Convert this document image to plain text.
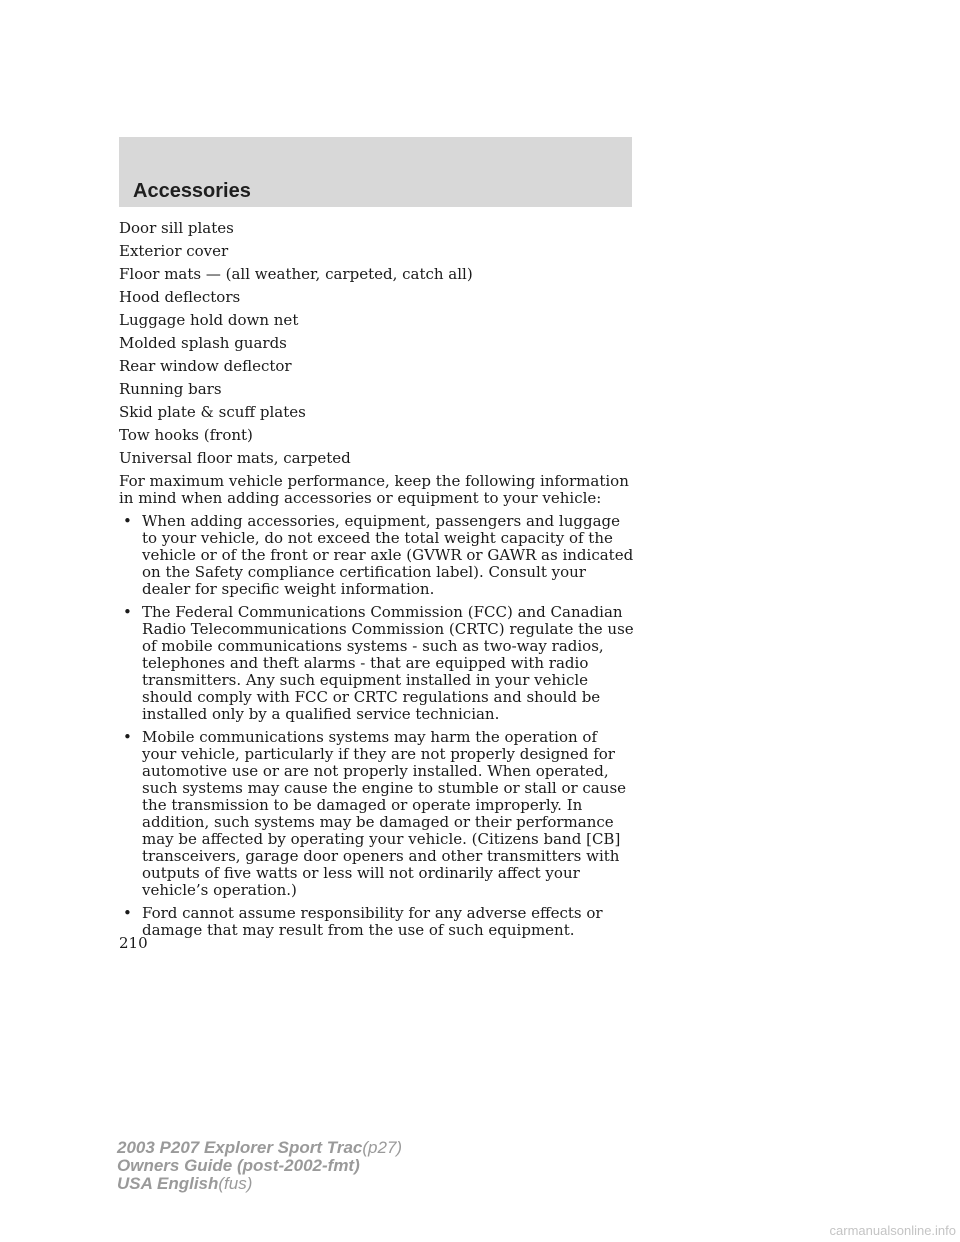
Accessories
Door sill plates
Exterior cover
Floor mats — (all weather, carpeted, catch all)
Hood deflectors
Luggage hold down net
Molded splash guards
Rear window deflector
Running bars
Skid plate & scuff plates
Tow hooks (front)
Universal floor mats, carpeted
For maximum vehicle performance, keep the following information in mind when adding accessories or equipment to your vehicle:
• When adding accessories, equipment, passengers and luggage to your vehicle, do not exceed the total weight capacity of the vehicle or of the front or rear axle (GVWR or GAWR as indicated on the Safety compliance certification label). Consult your dealer for specific weight information.
• The Federal Communications Commission (FCC) and Canadian Radio Telecommunications Commission (CRTC) regulate the use of mobile communications systems - such as two-way radios, telephones and theft alarms - that are equipped with radio transmitters. Any such equipment installed in your vehicle should comply with FCC or CRTC regulations and should be installed only by a qualified service technician.
• Mobile communications systems may harm the operation of your vehicle, particularly if they are not properly designed for automotive use or are not properly installed. When operated, such systems may cause the engine to stumble or stall or cause the transmission to be damaged or operate improperly. In addition, such systems may be damaged or their performance may be affected by operating your vehicle. (Citizens band [CB] transceivers, garage door openers and other transmitters with outputs of five watts or less will not ordinarily affect your vehicle’s operation.)
• Ford cannot assume responsibility for any adverse effects or damage that may result from the use of such equipment.
210
2003 P207 Explorer Sport Trac(p27)
Owners Guide (post-2002-fmt)
USA English(fus)
carmanualsonline.info
